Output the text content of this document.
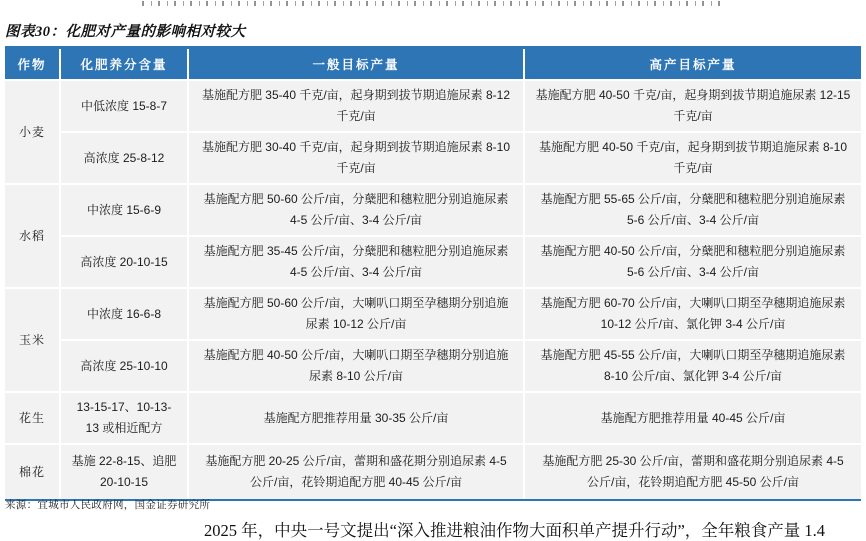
图表30：化肥对产量的影响相对较大
作物	化肥养分含量	一般目标产量	高产目标产量
小麦	中低浓度 15-8-7	基施配方肥 35-40 千克/亩，起身期到拔节期追施尿素 8-12 千克/亩	基施配方肥 40-50 千克/亩，起身期到拔节期追施尿素 12-15 千克/亩
	高浓度 25-8-12	基施配方肥 30-40 千克/亩，起身期到拔节期追施尿素 8-10 千克/亩	基施配方肥 40-50 千克/亩，起身期到拔节期追施尿素 8-10 千克/亩
水稻	中浓度 15-6-9	基施配方肥 50-60 公斤/亩，分蘖肥和穗粒肥分别追施尿素 4-5 公斤/亩、3-4 公斤/亩	基施配方肥 55-65 公斤/亩，分蘖肥和穗粒肥分别追施尿素 5-6 公斤/亩、3-4 公斤/亩
	高浓度 20-10-15	基施配方肥 35-45 公斤/亩，分蘖肥和穗粒肥分别追施尿素 4-5 公斤/亩、3-4 公斤/亩	基施配方肥 40-50 公斤/亩，分蘖肥和穗粒肥分别追施尿素 5-6 公斤/亩、3-4 公斤/亩
玉米	中浓度 16-6-8	基施配方肥 50-60 公斤/亩，大喇叭口期至孕穗期分别追施尿素 10-12 公斤/亩	基施配方肥 60-70 公斤/亩，大喇叭口期至孕穗期追施尿素 10-12 公斤/亩、氯化钾 3-4 公斤/亩
	高浓度 25-10-10	基施配方肥 40-50 公斤/亩，大喇叭口期至孕穗期分别追施尿素 8-10 公斤/亩	基施配方肥 45-55 公斤/亩，大喇叭口期至孕穗期追施尿素 8-10 公斤/亩、氯化钾 3-4 公斤/亩
花生	13-15-17、10-13-13 或相近配方	基施配方肥推荐用量 30-35 公斤/亩	基施配方肥推荐用量 40-45 公斤/亩
棉花	基施 22-8-15、追肥 20-10-15	基施配方肥 20-25 公斤/亩，蕾期和盛花期分别追尿素 4-5 公斤/亩，花铃期追配方肥 40-45 公斤/亩	基施配方肥 25-30 公斤/亩，蕾期和盛花期分别追尿素 4-5 公斤/亩，花铃期追配方肥 45-50 公斤/亩
来源：宜城市人民政府网，国金证券研究所
2025 年，中央一号文提出“深入推进粮油作物大面积单产提升行动”，全年粮食产量 1.4
